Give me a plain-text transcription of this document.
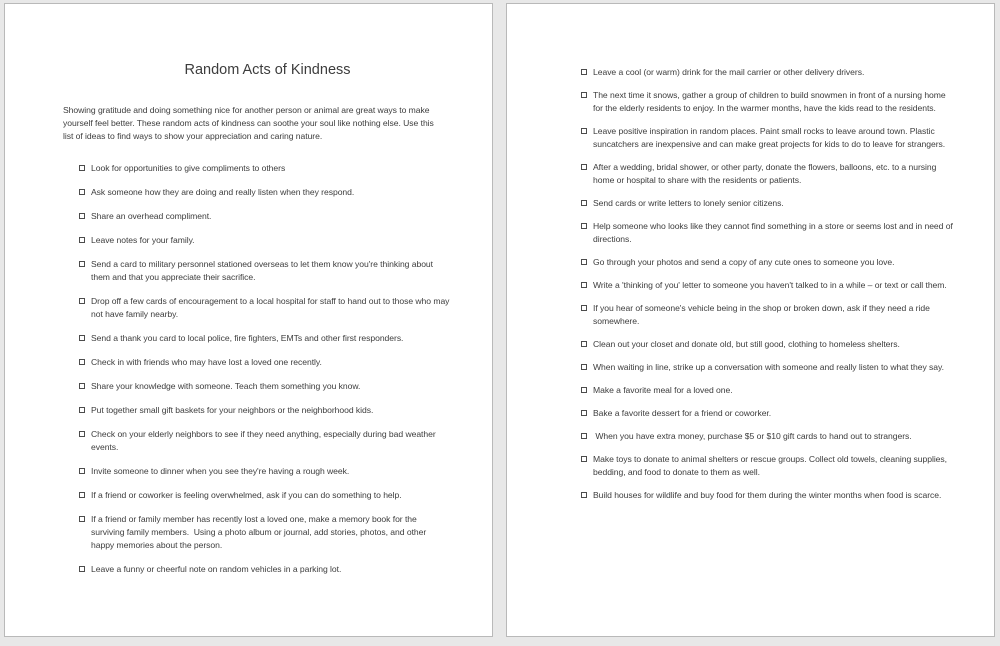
Random Acts of Kindness

Showing gratitude and doing something nice for another person or animal are great ways to make yourself feel better. These random acts of kindness can soothe your soul like nothing else. Use this list of ideas to find ways to show your appreciation and caring nature.

Look for opportunities to give compliments to others
Ask someone how they are doing and really listen when they respond.
Share an overhead compliment.
Leave notes for your family.
Send a card to military personnel stationed overseas to let them know you're thinking about them and that you appreciate their sacrifice.
Drop off a few cards of encouragement to a local hospital for staff to hand out to those who may not have family nearby.
Send a thank you card to local police, fire fighters, EMTs and other first responders.
Check in with friends who may have lost a loved one recently.
Share your knowledge with someone. Teach them something you know.
Put together small gift baskets for your neighbors or the neighborhood kids.
Check on your elderly neighbors to see if they need anything, especially during bad weather events.
Invite someone to dinner when you see they're having a rough week.
If a friend or coworker is feeling overwhelmed, ask if you can do something to help.
If a friend or family member has recently lost a loved one, make a memory book for the surviving family members.  Using a photo album or journal, add stories, photos, and other happy memories about the person.
Leave a funny or cheerful note on random vehicles in a parking lot.
Leave a cool (or warm) drink for the mail carrier or other delivery drivers.
The next time it snows, gather a group of children to build snowmen in front of a nursing home for the elderly residents to enjoy. In the warmer months, have the kids read to the residents.
Leave positive inspiration in random places. Paint small rocks to leave around town. Plastic suncatchers are inexpensive and can make great projects for kids to do to leave for strangers.
After a wedding, bridal shower, or other party, donate the flowers, balloons, etc. to a nursing home or hospital to share with the residents or patients.
Send cards or write letters to lonely senior citizens.
Help someone who looks like they cannot find something in a store or seems lost and in need of directions.
Go through your photos and send a copy of any cute ones to someone you love.
Write a 'thinking of you' letter to someone you haven't talked to in a while – or text or call them.
If you hear of someone's vehicle being in the shop or broken down, ask if they need a ride somewhere.
Clean out your closet and donate old, but still good, clothing to homeless shelters.
When waiting in line, strike up a conversation with someone and really listen to what they say.
Make a favorite meal for a loved one.
Bake a favorite dessert for a friend or coworker.
When you have extra money, purchase $5 or $10 gift cards to hand out to strangers.
Make toys to donate to animal shelters or rescue groups. Collect old towels, cleaning supplies, bedding, and food to donate to them as well.
Build houses for wildlife and buy food for them during the winter months when food is scarce.
